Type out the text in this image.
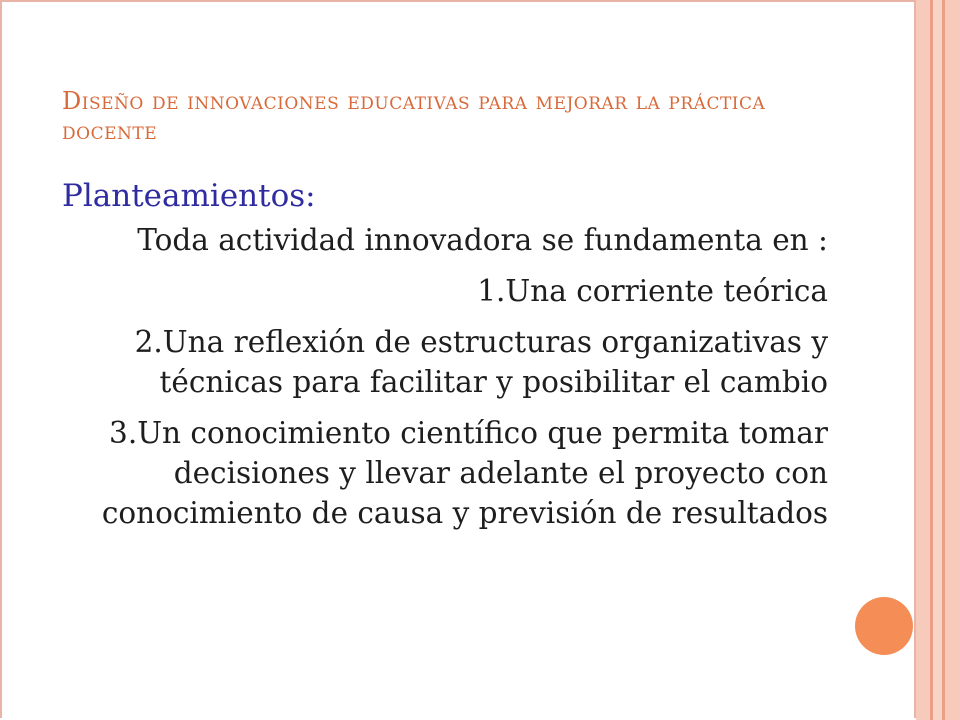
Diseño de innovaciones educativas para mejorar la práctica docente
Planteamientos:
Toda actividad innovadora se fundamenta en :
1.Una corriente teórica
2.Una reflexión de estructuras organizativas y técnicas para facilitar y posibilitar el cambio
3.Un conocimiento científico que permita tomar decisiones y llevar adelante el proyecto con conocimiento de causa y previsión de resultados
